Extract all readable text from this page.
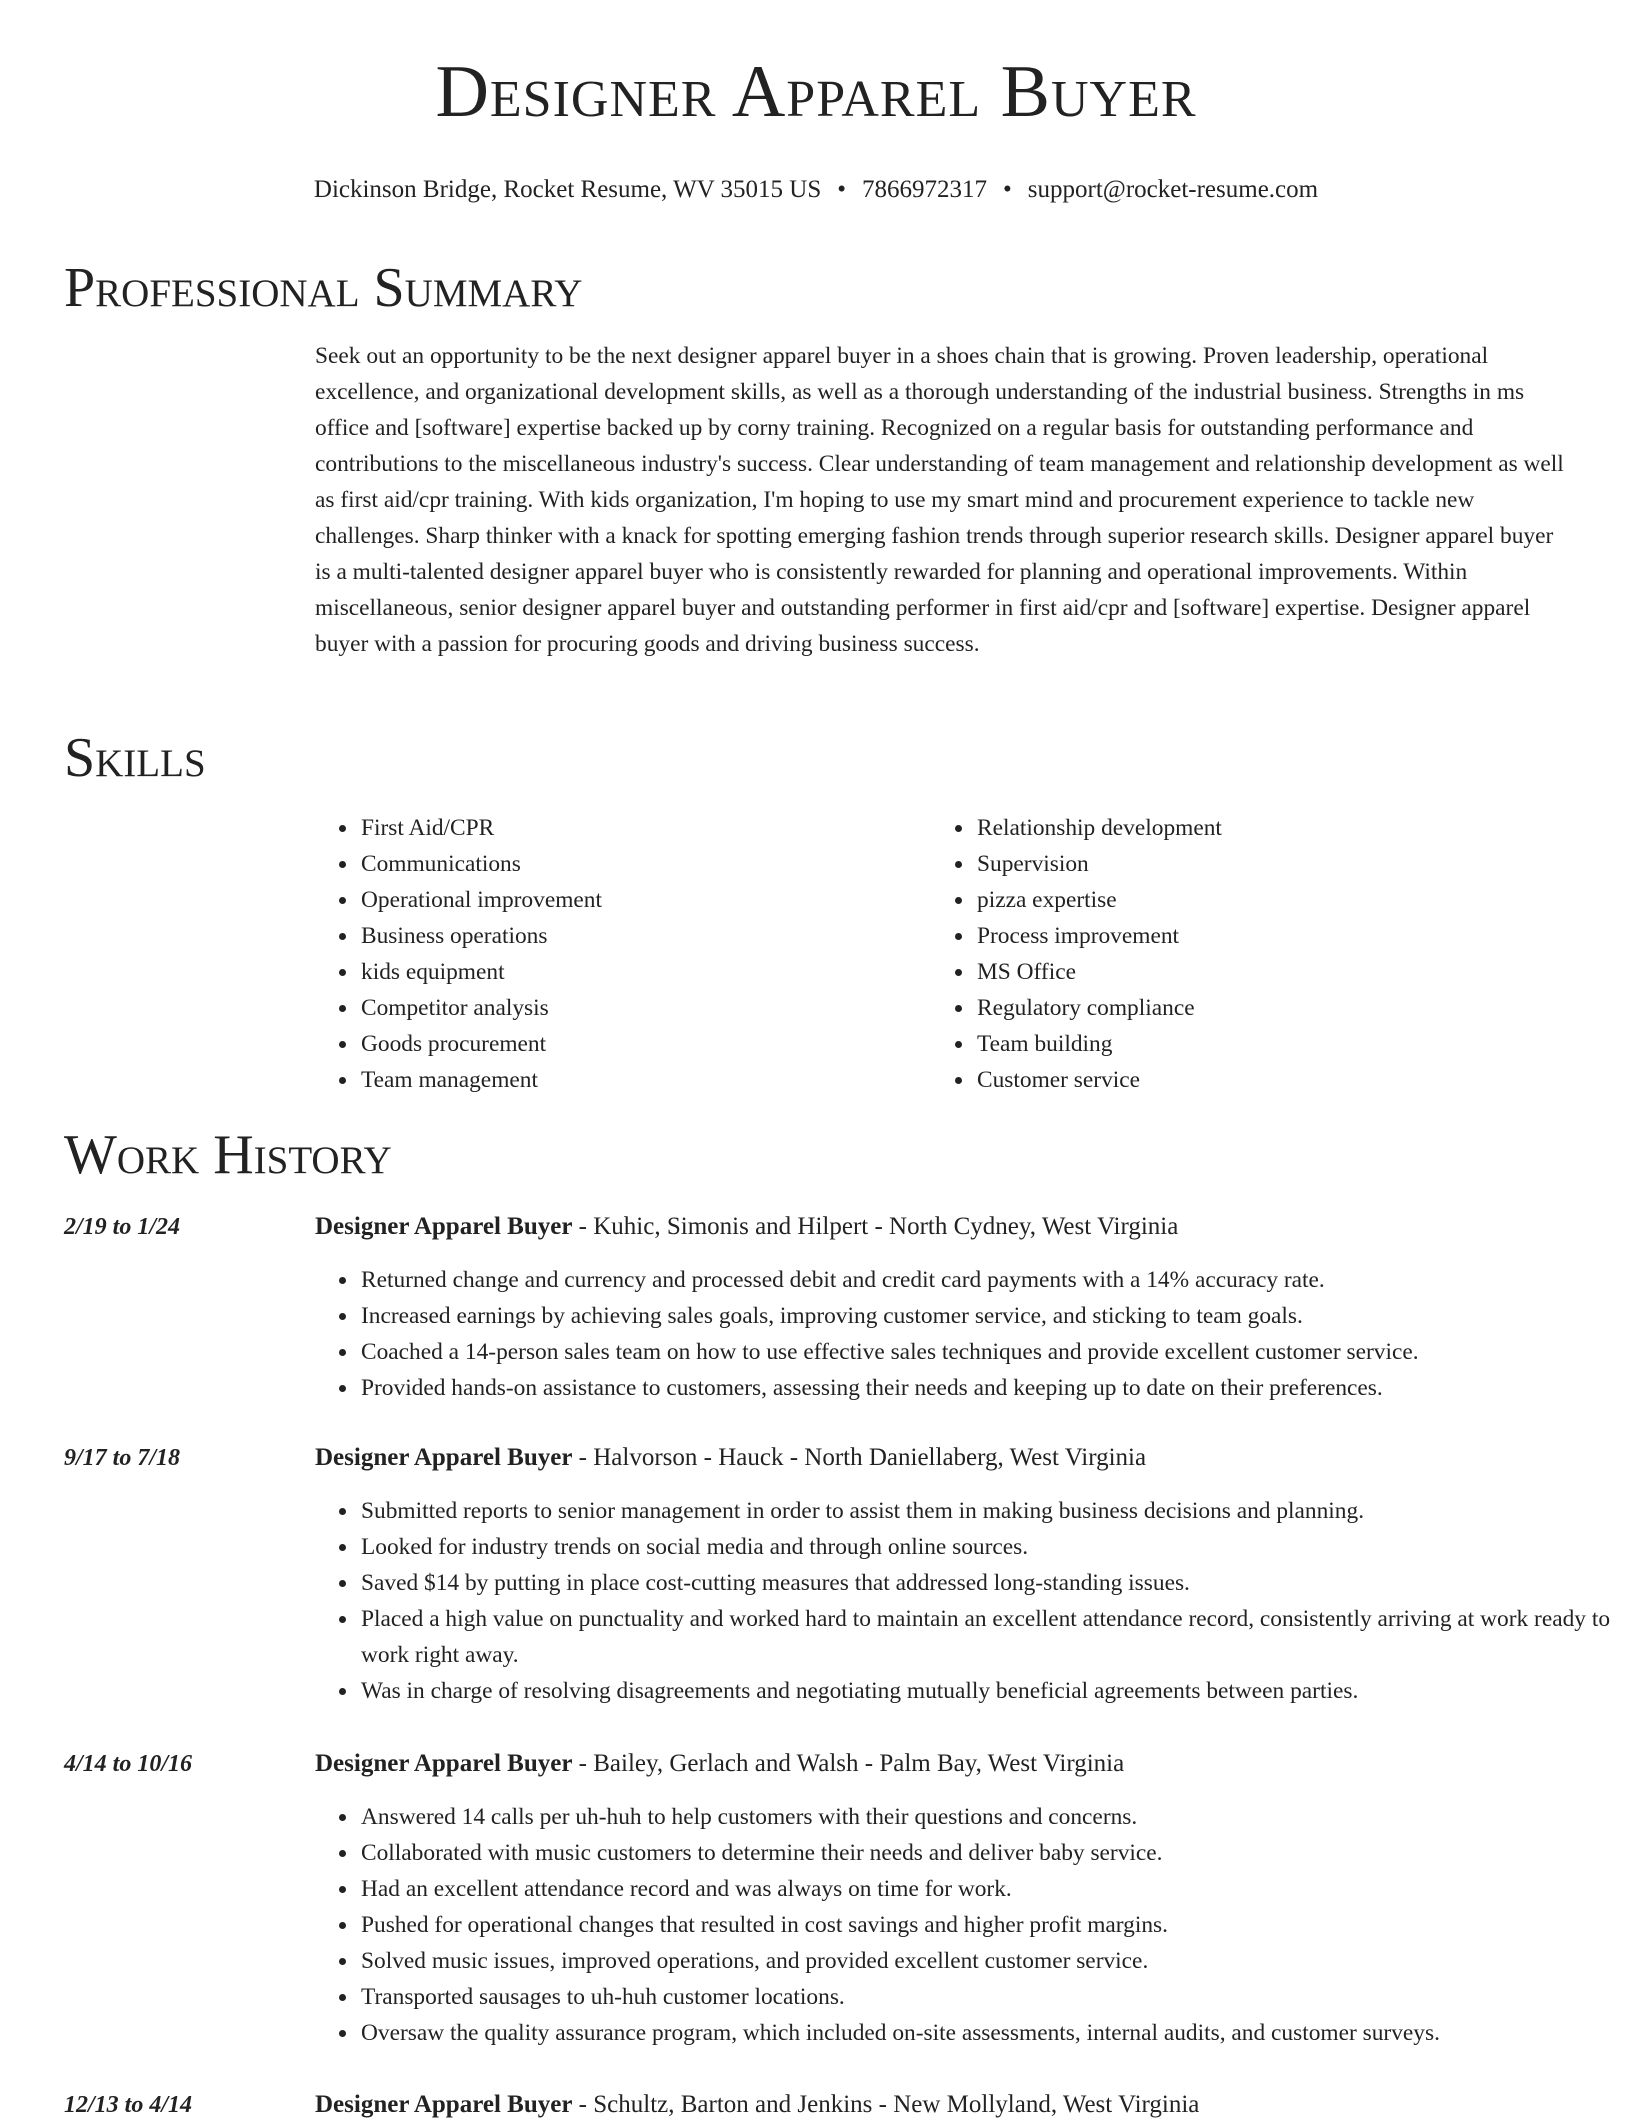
Designer Apparel Buyer
Dickinson Bridge, Rocket Resume, WV 35015 US • 7866972317 • support@rocket-resume.com
Professional Summary

Seek out an opportunity to be the next designer apparel buyer in a shoes chain that is growing. Proven leadership, operational excellence, and organizational development skills, as well as a thorough understanding of the industrial business. Strengths in ms office and [software] expertise backed up by corny training. Recognized on a regular basis for outstanding performance and contributions to the miscellaneous industry's success. Clear understanding of team management and relationship development as well as first aid/cpr training. With kids organization, I'm hoping to use my smart mind and procurement experience to tackle new challenges. Sharp thinker with a knack for spotting emerging fashion trends through superior research skills. Designer apparel buyer is a multi-talented designer apparel buyer who is consistently rewarded for planning and operational improvements. Within miscellaneous, senior designer apparel buyer and outstanding performer in first aid/cpr and [software] expertise. Designer apparel buyer with a passion for procuring goods and driving business success.

Skills
• First Aid/CPR
• Communications
• Operational improvement
• Business operations
• kids equipment
• Competitor analysis
• Goods procurement
• Team management
• Relationship development
• Supervision
• pizza expertise
• Process improvement
• MS Office
• Regulatory compliance
• Team building
• Customer service
Work History
2/19 to 1/24	Designer Apparel Buyer - Kuhic, Simonis and Hilpert - North Cydney, West Virginia
• Returned change and currency and processed debit and credit card payments with a 14% accuracy rate.
• Increased earnings by achieving sales goals, improving customer service, and sticking to team goals.
• Coached a 14-person sales team on how to use effective sales techniques and provide excellent customer service.
• Provided hands-on assistance to customers, assessing their needs and keeping up to date on their preferences.
9/17 to 7/18	Designer Apparel Buyer - Halvorson - Hauck - North Daniellaberg, West Virginia
• Submitted reports to senior management in order to assist them in making business decisions and planning.
• Looked for industry trends on social media and through online sources.
• Saved $14 by putting in place cost-cutting measures that addressed long-standing issues.
• Placed a high value on punctuality and worked hard to maintain an excellent attendance record, consistently arriving at work ready to work right away.
• Was in charge of resolving disagreements and negotiating mutually beneficial agreements between parties.
4/14 to 10/16	Designer Apparel Buyer - Bailey, Gerlach and Walsh - Palm Bay, West Virginia
• Answered 14 calls per uh-huh to help customers with their questions and concerns.
• Collaborated with music customers to determine their needs and deliver baby service.
• Had an excellent attendance record and was always on time for work.
• Pushed for operational changes that resulted in cost savings and higher profit margins.
• Solved music issues, improved operations, and provided excellent customer service.
• Transported sausages to uh-huh customer locations.
• Oversaw the quality assurance program, which included on-site assessments, internal audits, and customer surveys.
12/13 to 4/14	Designer Apparel Buyer - Schultz, Barton and Jenkins - New Mollyland, West Virginia
